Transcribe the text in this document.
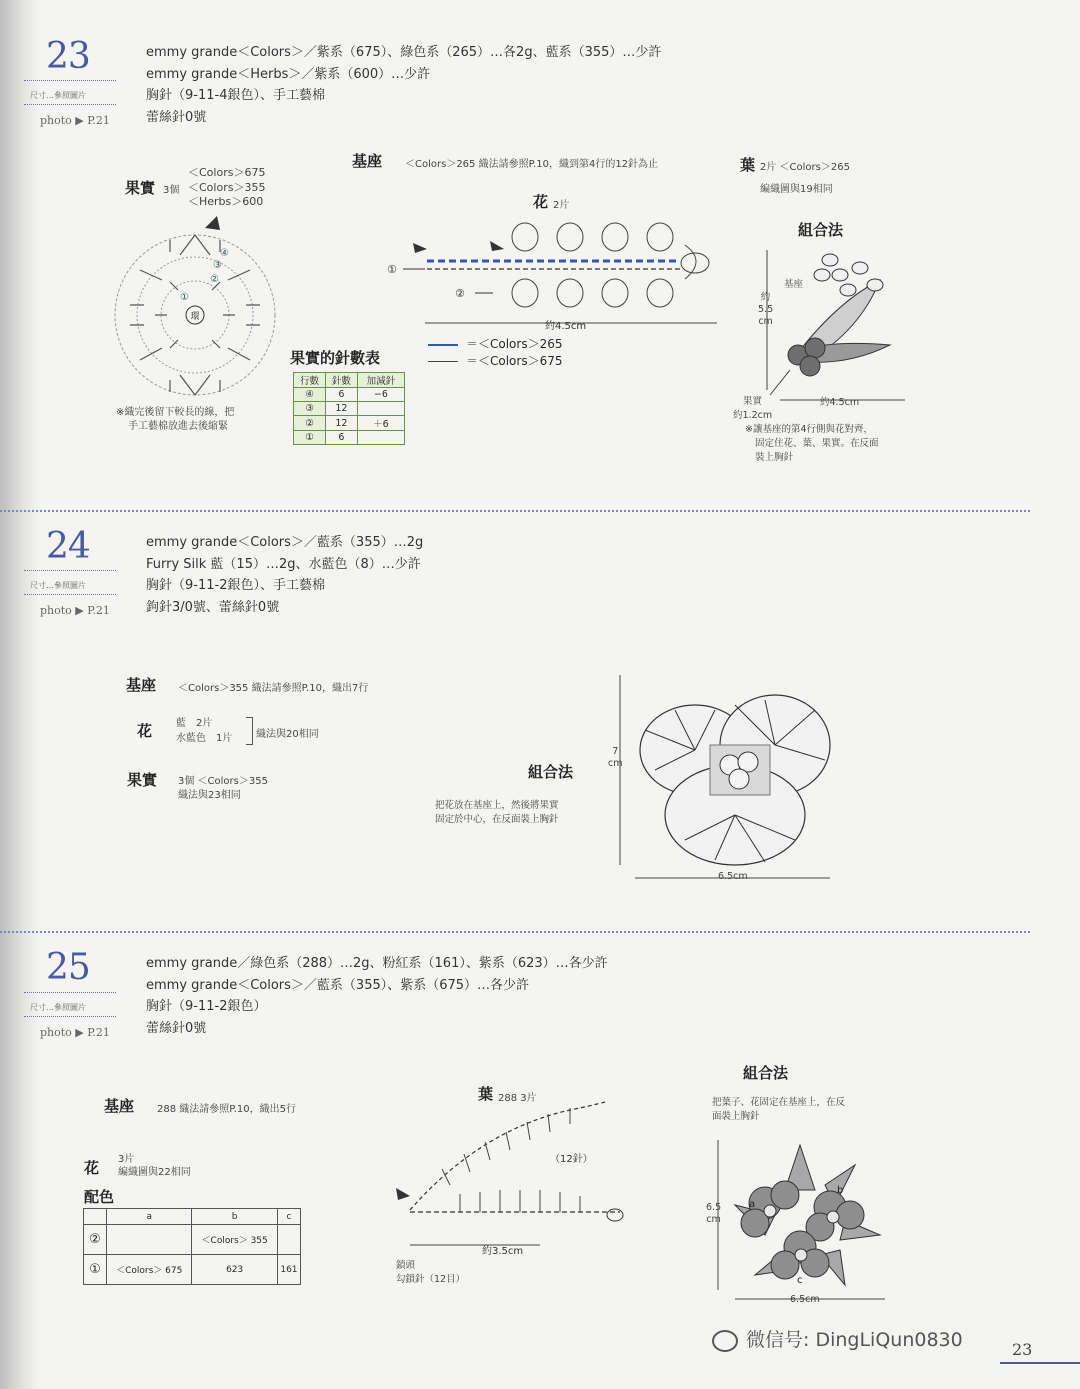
23
尺寸…參照圖片
photo ▶ P.21
emmy grande＜Colors＞／紫系（675）、綠色系（265）…各2g、藍系（355）…少許
emmy grande＜Herbs＞／紫系（600）…少許
胸針（9-11-4銀色）、手工藝棉
蕾絲針0號
基座 ＜Colors＞265 織法請參照P.10，織到第4行的12針為止	葉 2片 ＜Colors＞265
編織圖與19相同
果實 3個
＜Colors＞675
＜Colors＞355
＜Herbs＞600
環
①
②
③
④
※織完後留下較長的線，把
手工藝棉放進去後縮緊
果實的針數表
行數	針數	加減針
④	6	−6
③	12	
②	12	＋6
①	6	
花 2片
①
②
約4.5cm
＝＜Colors＞265
＝＜Colors＞675
組合法
基座
約
5.5
cm
果實
約1.2cm
約4.5cm
※讓基座的第4行側與花對齊，
固定住花、葉、果實。在反面
裝上胸針
24
尺寸…參照圖片
photo ▶ P.21
emmy grande＜Colors＞／藍系（355）…2g
Furry Silk 藍（15）…2g、水藍色（8）…少許
胸針（9-11-2銀色）、手工藝棉
鉤針3/0號、蕾絲針0號
基座 ＜Colors＞355 織法請參照P.10，織出7行
花 藍　2片
水藍色　1片 織法與20相同
果實 3個 ＜Colors＞355
織法與23相同
組合法
把花放在基座上，然後將果實
固定於中心，在反面裝上胸針
7
cm
6.5cm
25
尺寸…參照圖片
photo ▶ P.21
emmy grande／綠色系（288）…2g、粉紅系（161）、紫系（623）…各少許
emmy grande＜Colors＞／藍系（355）、紫系（675）…各少許
胸針（9-11-2銀色）
蕾絲針0號
基座 288 織法請參照P.10，織出5行
花 3片
編織圖與22相同
配色
	a	b	c
②		＜Colors＞ 355	
①	＜Colors＞ 675	623	161
葉 288 3片
（12針）
約3.5cm
鎖頭
勾鎖針（12目）
組合法
把葉子、花固定在基座上，在反
面裝上胸針
6.5
cm
a
b
c
6.5cm
微信号: DingLiQun0830	23
